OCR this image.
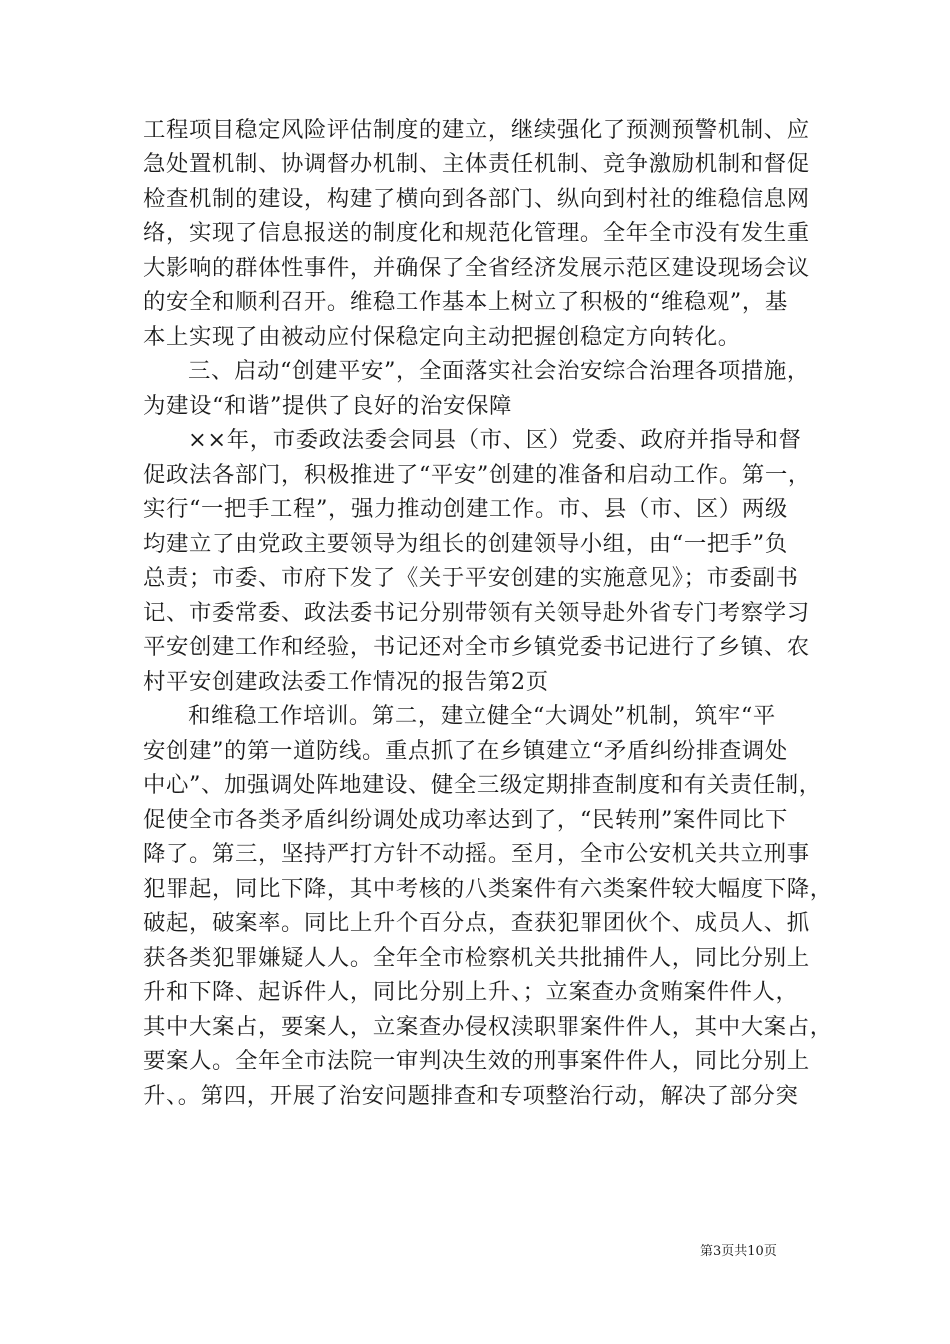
工程项目稳定风险评估制度的建立，继续强化了预测预警机制、应
急处置机制、协调督办机制、主体责任机制、竞争激励机制和督促
检查机制的建设，构建了横向到各部门、纵向到村社的维稳信息网
络，实现了信息报送的制度化和规范化管理。全年全市没有发生重
大影响的群体性事件，并确保了全省经济发展示范区建设现场会议
的安全和顺利召开。维稳工作基本上树立了积极的“维稳观”，基
本上实现了由被动应付保稳定向主动把握创稳定方向转化。
三、启动“创建平安”，全面落实社会治安综合治理各项措施，
为建设“和谐”提供了良好的治安保障
××年，市委政法委会同县（市、区）党委、政府并指导和督
促政法各部门，积极推进了“平安”创建的准备和启动工作。第一，
实行“一把手工程”，强力推动创建工作。市、县（市、区）两级
均建立了由党政主要领导为组长的创建领导小组，由“一把手”负
总责；市委、市府下发了《关于平安创建的实施意见》；市委副书
记、市委常委、政法委书记分别带领有关领导赴外省专门考察学习
平安创建工作和经验，书记还对全市乡镇党委书记进行了乡镇、农
村平安创建政法委工作情况的报告第2页
和维稳工作培训。第二，建立健全“大调处”机制，筑牢“平
安创建”的第一道防线。重点抓了在乡镇建立“矛盾纠纷排查调处
中心”、加强调处阵地建设、健全三级定期排查制度和有关责任制，
促使全市各类矛盾纠纷调处成功率达到了，“民转刑”案件同比下
降了。第三，坚持严打方针不动摇。至月，全市公安机关共立刑事
犯罪起，同比下降，其中考核的八类案件有六类案件较大幅度下降，
破起，破案率。同比上升个百分点，查获犯罪团伙个、成员人、抓
获各类犯罪嫌疑人人。全年全市检察机关共批捕件人，同比分别上
升和下降、起诉件人，同比分别上升、；立案查办贪贿案件件人，
其中大案占，要案人，立案查办侵权渎职罪案件件人，其中大案占，
要案人。全年全市法院一审判决生效的刑事案件件人，同比分别上
升、。第四，开展了治安问题排查和专项整治行动，解决了部分突
第3页共10页
